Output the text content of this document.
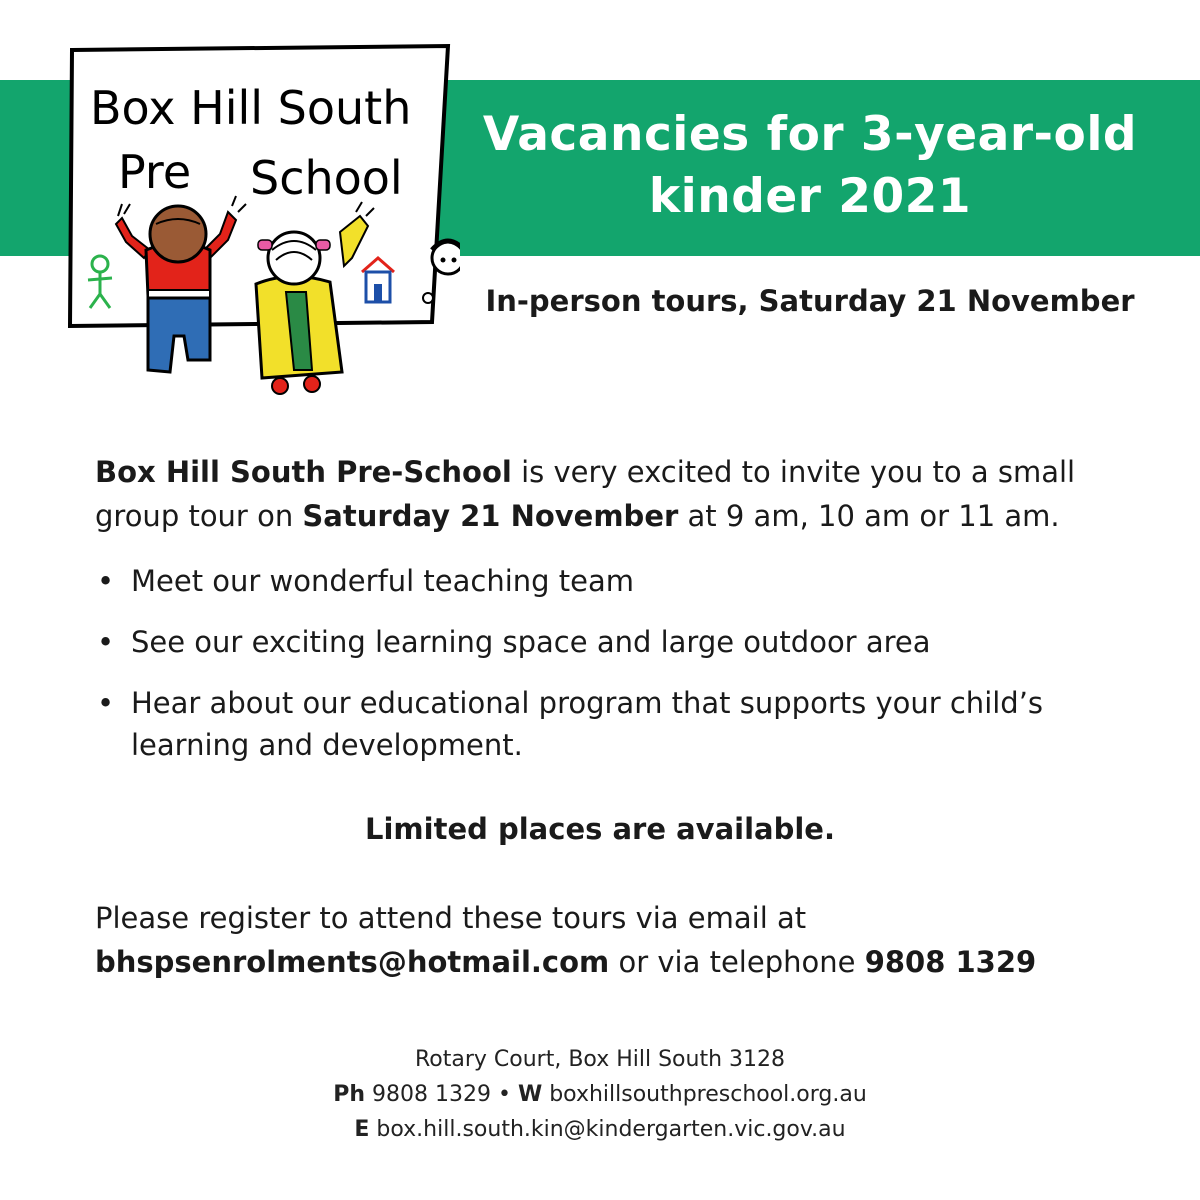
Box Hill South
Pre School
Vacancies for 3-year-old
kinder 2021
In-person tours, Saturday 21 November
Box Hill South Pre-School is very excited to invite you to a small group tour on Saturday 21 November at 9 am, 10 am or 11 am.
• Meet our wonderful teaching team
• See our exciting learning space and large outdoor area
• Hear about our educational program that supports your child’s learning and development.
Limited places are available.
Please register to attend these tours via email at bhspsenrolments@hotmail.com or via telephone 9808 1329
Rotary Court, Box Hill South 3128
Ph 9808 1329 • W boxhillsouthpreschool.org.au
E box.hill.south.kin@kindergarten.vic.gov.au
